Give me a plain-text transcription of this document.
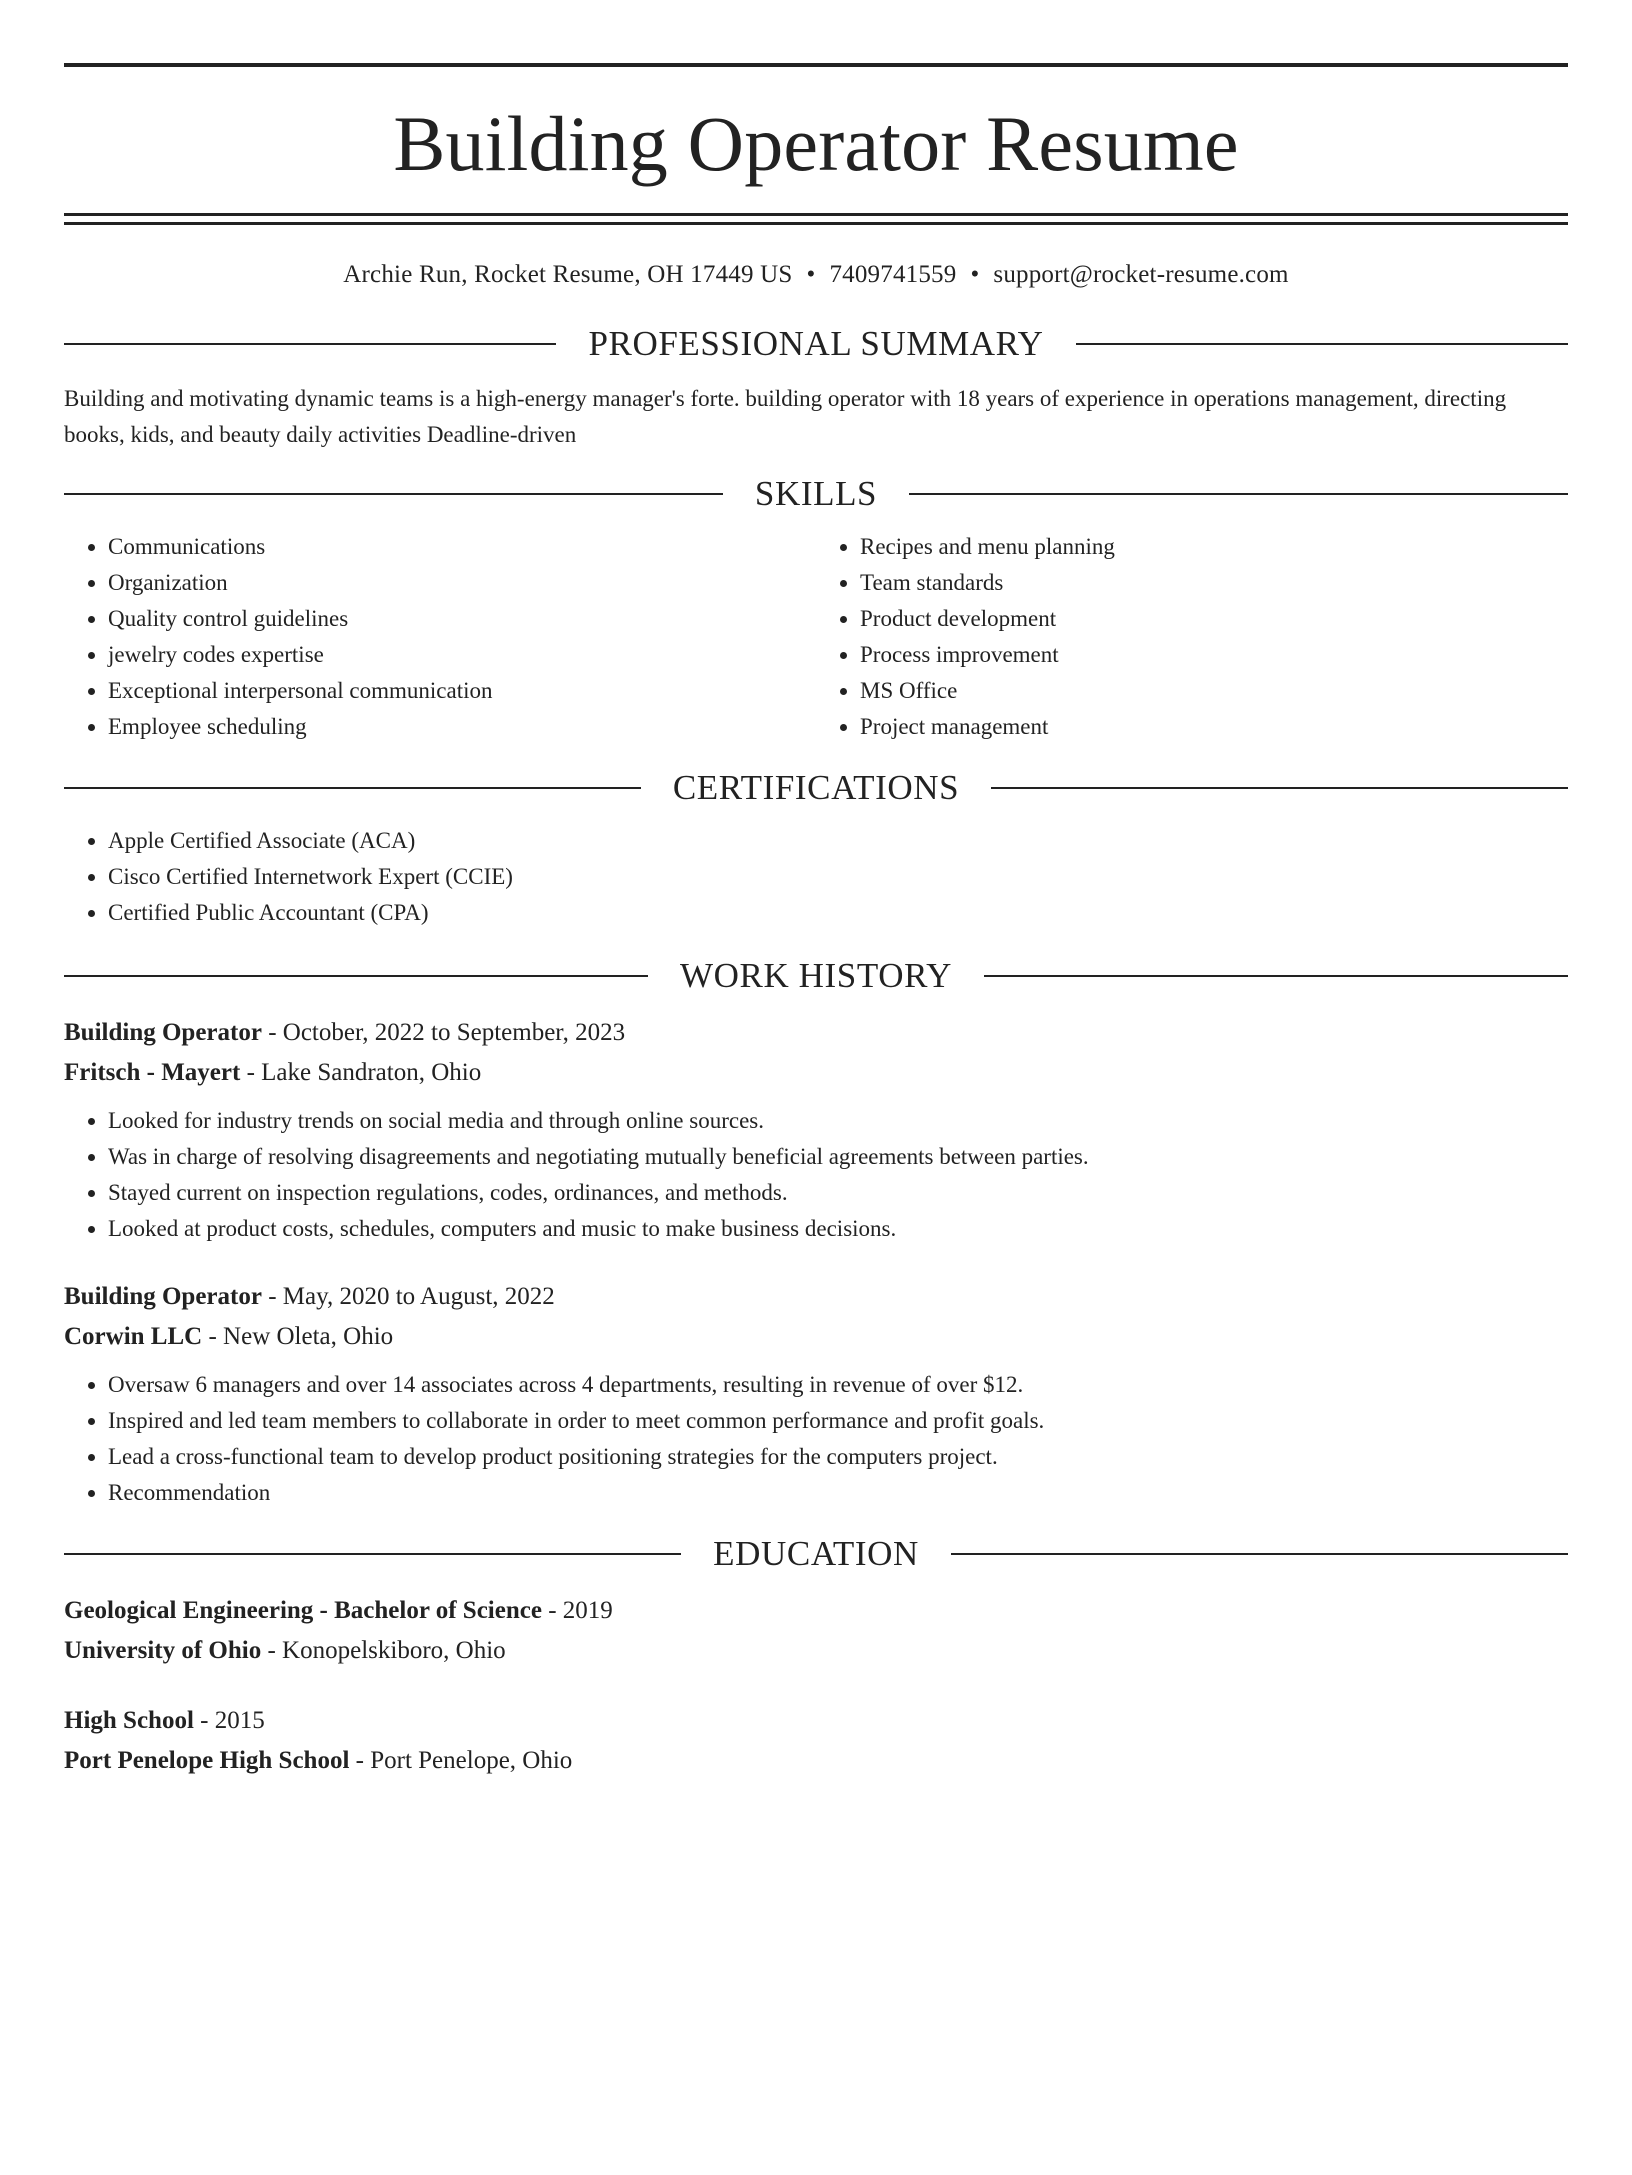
Building Operator Resume
Archie Run, Rocket Resume, OH 17449 US • 7409741559 • support@rocket-resume.com
PROFESSIONAL SUMMARY

Building and motivating dynamic teams is a high-energy manager's forte. building operator with 18 years of experience in operations management, directing books, kids, and beauty daily activities Deadline-driven

SKILLS
• Communications
• Organization
• Quality control guidelines
• jewelry codes expertise
• Exceptional interpersonal communication
• Employee scheduling
• Recipes and menu planning
• Team standards
• Product development
• Process improvement
• MS Office
• Project management
CERTIFICATIONS
• Apple Certified Associate (ACA)
• Cisco Certified Internetwork Expert (CCIE)
• Certified Public Accountant (CPA)
WORK HISTORY
Building Operator - October, 2022 to September, 2023
Fritsch - Mayert - Lake Sandraton, Ohio
• Looked for industry trends on social media and through online sources.
• Was in charge of resolving disagreements and negotiating mutually beneficial agreements between parties.
• Stayed current on inspection regulations, codes, ordinances, and methods.
• Looked at product costs, schedules, computers and music to make business decisions.
Building Operator - May, 2020 to August, 2022
Corwin LLC - New Oleta, Ohio
• Oversaw 6 managers and over 14 associates across 4 departments, resulting in revenue of over $12.
• Inspired and led team members to collaborate in order to meet common performance and profit goals.
• Lead a cross-functional team to develop product positioning strategies for the computers project.
• Recommendation
EDUCATION
Geological Engineering - Bachelor of Science - 2019
University of Ohio - Konopelskiboro, Ohio
High School - 2015
Port Penelope High School - Port Penelope, Ohio
